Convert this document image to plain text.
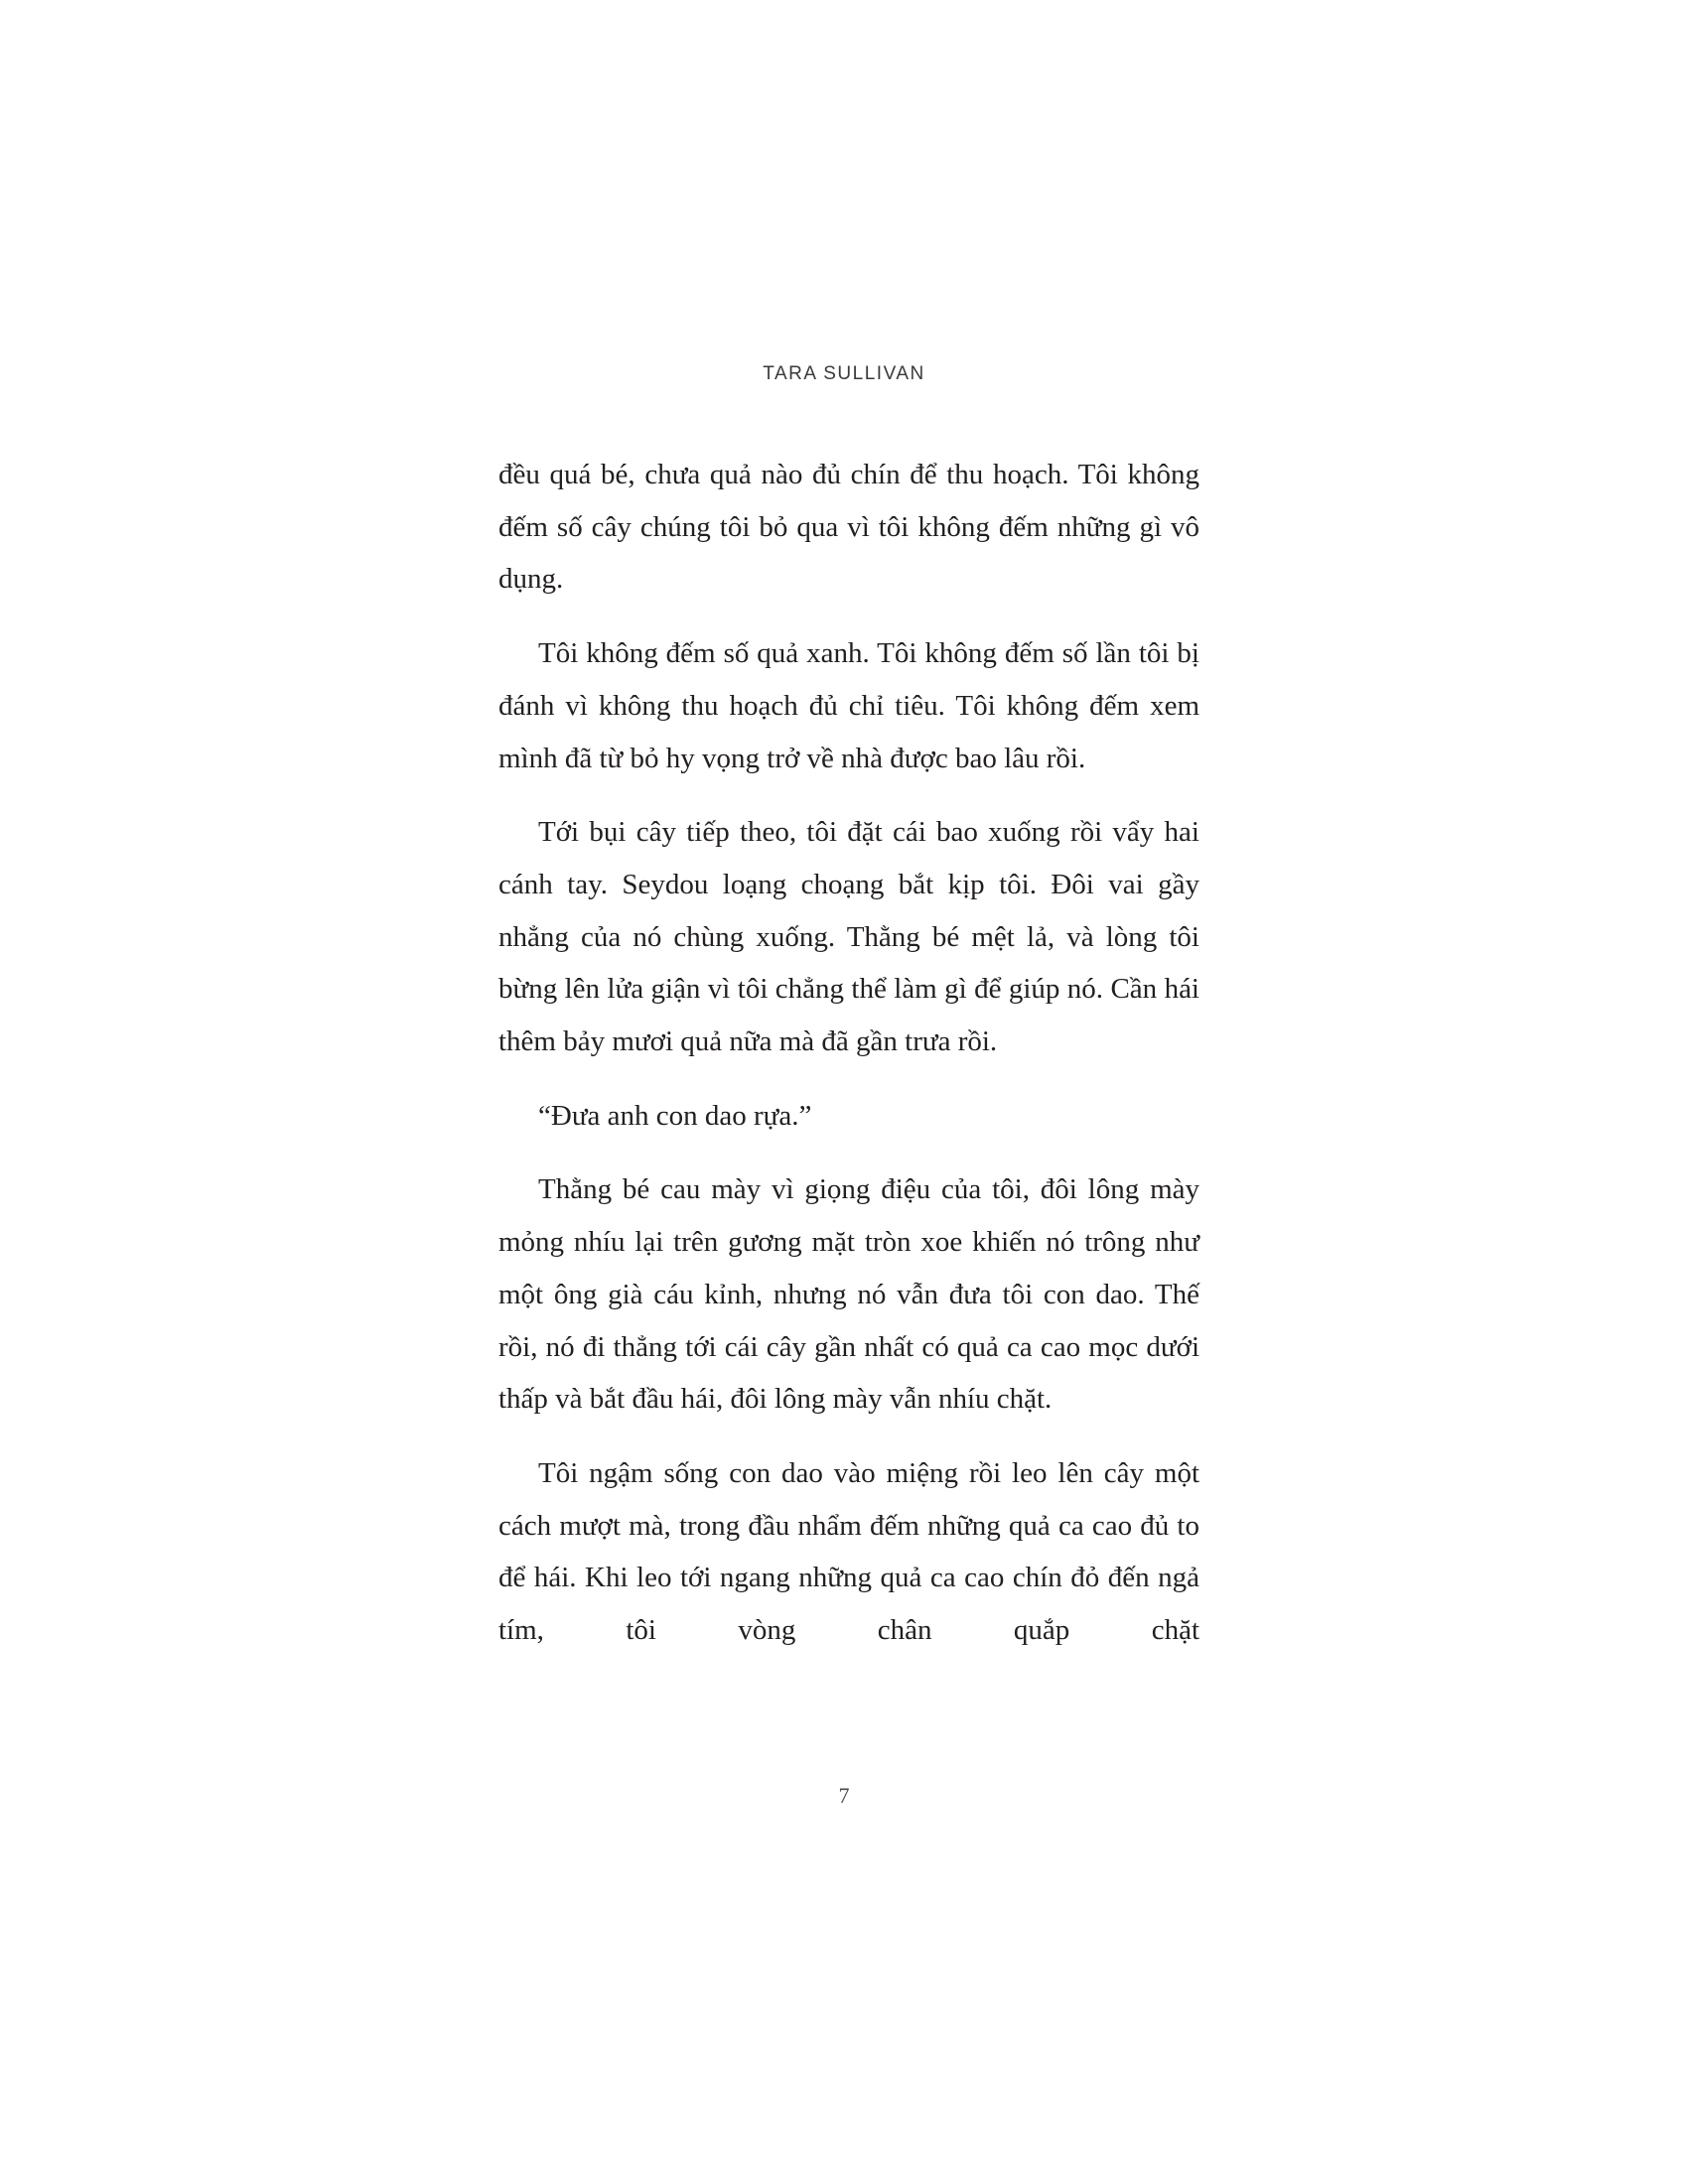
TARA SULLIVAN

đều quá bé, chưa quả nào đủ chín để thu hoạch. Tôi không đếm số cây chúng tôi bỏ qua vì tôi không đếm những gì vô dụng.

Tôi không đếm số quả xanh. Tôi không đếm số lần tôi bị đánh vì không thu hoạch đủ chỉ tiêu. Tôi không đếm xem mình đã từ bỏ hy vọng trở về nhà được bao lâu rồi.

Tới bụi cây tiếp theo, tôi đặt cái bao xuống rồi vẩy hai cánh tay. Seydou loạng choạng bắt kịp tôi. Đôi vai gầy nhẳng của nó chùng xuống. Thằng bé mệt lả, và lòng tôi bừng lên lửa giận vì tôi chẳng thể làm gì để giúp nó. Cần hái thêm bảy mươi quả nữa mà đã gần trưa rồi.

“Đưa anh con dao rựa.”

Thằng bé cau mày vì giọng điệu của tôi, đôi lông mày mỏng nhíu lại trên gương mặt tròn xoe khiến nó trông như một ông già cáu kỉnh, nhưng nó vẫn đưa tôi con dao. Thế rồi, nó đi thẳng tới cái cây gần nhất có quả ca cao mọc dưới thấp và bắt đầu hái, đôi lông mày vẫn nhíu chặt.

Tôi ngậm sống con dao vào miệng rồi leo lên cây một cách mượt mà, trong đầu nhẩm đếm những quả ca cao đủ to để hái. Khi leo tới ngang những quả ca cao chín đỏ đến ngả tím, tôi vòng chân quắp chặt

7
